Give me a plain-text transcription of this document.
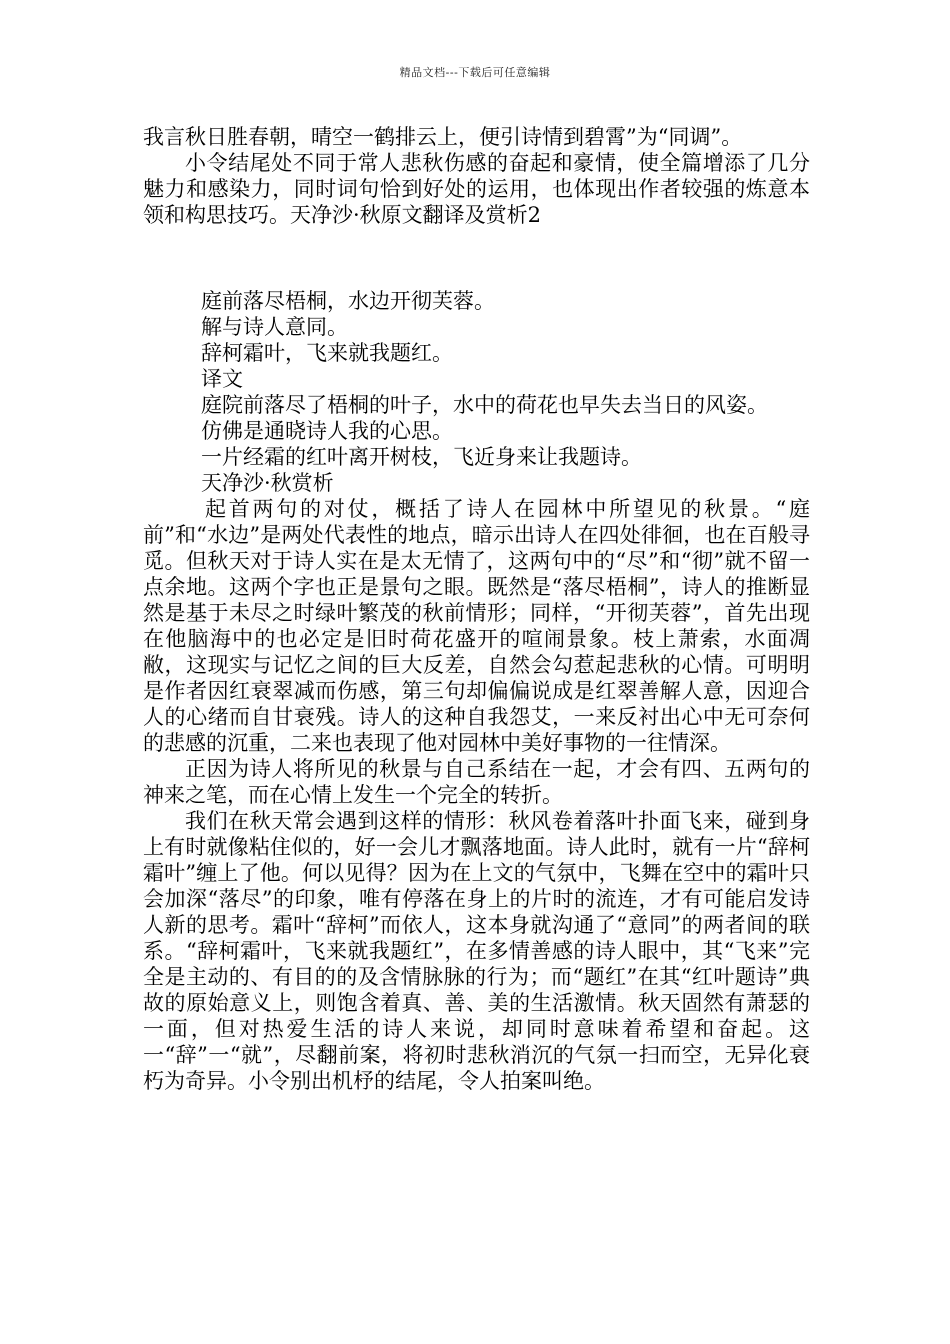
精品文档---下载后可任意编辑

我言秋日胜春朝，晴空一鹤排云上，便引诗情到碧霄”为“同调”。

小令结尾处不同于常人悲秋伤感的奋起和豪情，使全篇增添了几分魅力和感染力，同时词句恰到好处的运用，也体现出作者较强的炼意本领和构思技巧。天净沙·秋原文翻译及赏析2

庭前落尽梧桐，水边开彻芙蓉。

解与诗人意同。

辞柯霜叶，飞来就我题红。

译文

庭院前落尽了梧桐的叶子，水中的荷花也早失去当日的风姿。

仿佛是通晓诗人我的心思。

一片经霜的红叶离开树枝，飞近身来让我题诗。

天净沙·秋赏析

起首两句的对仗，概括了诗人在园林中所望见的秋景。“庭前”和“水边”是两处代表性的地点，暗示出诗人在四处徘徊，也在百般寻觅。但秋天对于诗人实在是太无情了，这两句中的“尽”和“彻”就不留一点余地。这两个字也正是景句之眼。既然是“落尽梧桐”，诗人的推断显然是基于未尽之时绿叶繁茂的秋前情形；同样，“开彻芙蓉”，首先出现在他脑海中的也必定是旧时荷花盛开的喧闹景象。枝上萧索，水面凋敝，这现实与记忆之间的巨大反差，自然会勾惹起悲秋的心情。可明明是作者因红衰翠减而伤感，第三句却偏偏说成是红翠善解人意，因迎合人的心绪而自甘衰残。诗人的这种自我怨艾，一来反衬出心中无可奈何的悲感的沉重，二来也表现了他对园林中美好事物的一往情深。

正因为诗人将所见的秋景与自己系结在一起，才会有四、五两句的神来之笔，而在心情上发生一个完全的转折。

我们在秋天常会遇到这样的情形：秋风卷着落叶扑面飞来，碰到身上有时就像粘住似的，好一会儿才飘落地面。诗人此时，就有一片“辞柯霜叶”缠上了他。何以见得？因为在上文的气氛中，飞舞在空中的霜叶只会加深“落尽”的印象，唯有停落在身上的片时的流连，才有可能启发诗人新的思考。霜叶“辞柯”而依人，这本身就沟通了“意同”的两者间的联系。“辞柯霜叶，飞来就我题红”，在多情善感的诗人眼中，其“飞来”完全是主动的、有目的的及含情脉脉的行为；而“题红”在其“红叶题诗”典故的原始意义上，则饱含着真、善、美的生活激情。秋天固然有萧瑟的一面，但对热爱生活的诗人来说，却同时意味着希望和奋起。这一“辞”一“就”，尽翻前案，将初时悲秋消沉的气氛一扫而空，无异化衰朽为奇异。小令别出机杼的结尾，令人拍案叫绝。
